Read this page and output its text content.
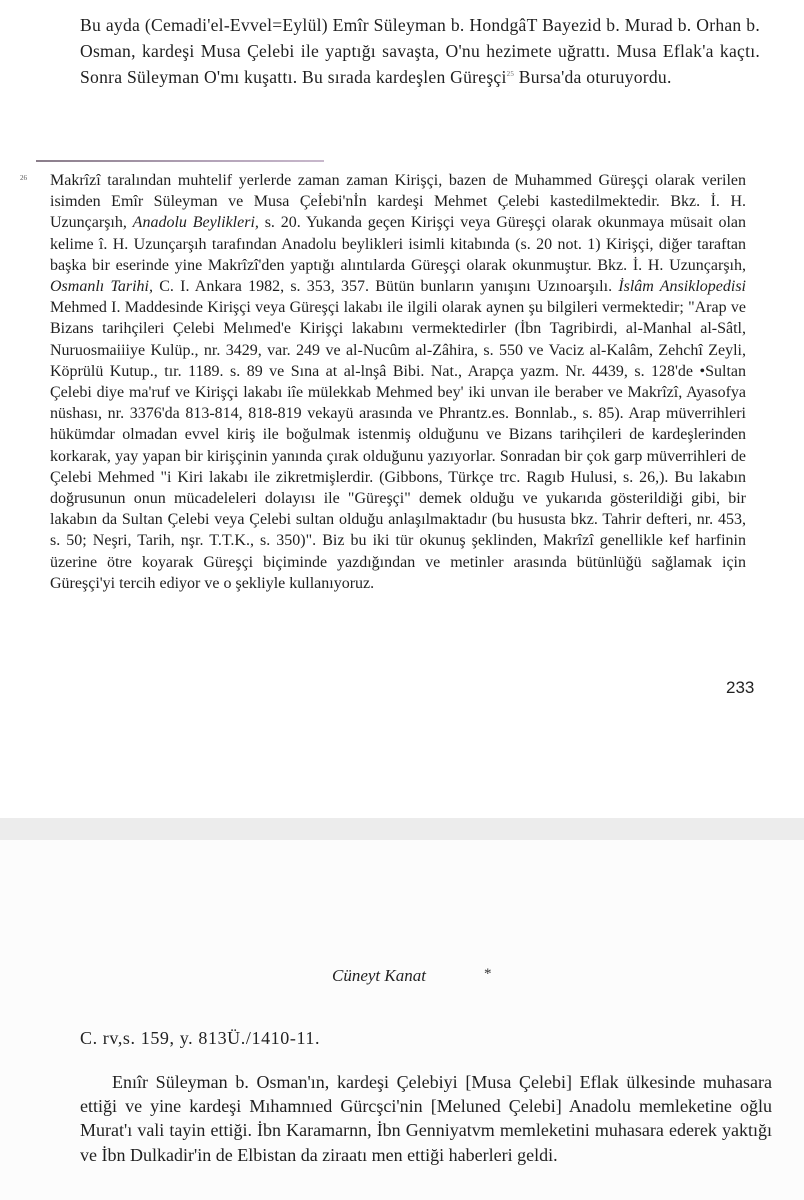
Bu ayda (Cemadi'el-Evvel=Eylül) Emîr Süleyman b. HondgâT Bayezid b. Murad b. Orhan b. Osman, kardeşi Musa Çelebi ile yaptığı savaşta, O'nu hezimete uğrattı. Musa Eflak'a kaçtı. Sonra Süleyman O'mı kuşattı. Bu sırada kardeşlen Güreşçi$^{25}$ Bursa'da oturuyordu.

26 Makrîzî taralından muhtelif yerlerde zaman zaman Kirişçi, bazen de Muhammed Güreşçi olarak verilen isimden Emîr Süleyman ve Musa Çeİebi'nİn kardeşi Mehmet Çelebi kastedilmektedir. Bkz. İ. H. Uzunçarşıh, Anadolu Beylikleri, s. 20. Yukanda geçen Kirişçi veya Güreşçi olarak okunmaya müsait olan kelime î. H. Uzunçarşıh tarafından Anadolu beylikleri isimli kitabında (s. 20 not. 1) Kirişçi, diğer taraftan başka bir eserinde yine Makrîzî'den yaptığı alıntılarda Güreşçi olarak okunmuştur. Bkz. İ. H. Uzunçarşıh, Osmanlı Tarihi, C. I. Ankara 1982, s. 353, 357. Bütün bunların yanışını Uzınoarşılı. İslâm Ansiklopedisi Mehmed I. Maddesinde Kirişçi veya Güreşçi lakabı ile ilgili olarak aynen şu bilgileri vermektedir; "Arap ve Bizans tarihçileri Çelebi Melımed'e Kirişçi lakabını vermektedirler (İbn Tagribirdi, al-Manhal al-Sâtl, Nuruosmaiiiye Kulüp., nr. 3429, var. 249 ve al-Nucûm al-Zâhira, s. 550 ve Vaciz al-Kalâm, Zehchî Zeyli, Köprülü Kutup., tır. 1189. s. 89 ve Sına at al-lnşâ Bibi. Nat., Arapça yazm. Nr. 4439, s. 128'de •Sultan Çelebi diye ma'ruf ve Kirişçi lakabı iîe mülekkab Mehmed bey' iki unvan ile beraber ve Makrîzî, Ayasofya nüshası, nr. 3376'da 813-814, 818-819 vekayü arasında ve Phrantz.es. Bonnlab., s. 85). Arap müverrihleri hükümdar olmadan evvel kiriş ile boğulmak istenmiş olduğunu ve Bizans tarihçileri de kardeşlerinden korkarak, yay yapan bir kirişçinin yanında çırak olduğunu yazıyorlar. Sonradan bir çok garp müverrihleri de Çelebi Mehmed "i Kiri lakabı ile zikretmişlerdir. (Gibbons, Türkçe trc. Ragıb Hulusi, s. 26,). Bu lakabın doğrusunun onun mücadeleleri dolayısı ile "Güreşçi" demek olduğu ve yukarıda gösterildiği gibi, bir lakabın da Sultan Çelebi veya Çelebi sultan olduğu anlaşılmaktadır (bu hususta bkz. Tahrir defteri, nr. 453, s. 50; Neşri, Tarih, nşr. T.T.K., s. 350)". Biz bu iki tür okunuş şeklinden, Makrîzî genellikle kef harfinin üzerine ötre koyarak Güreşçi biçiminde yazdığından ve metinler arasında bütünlüğü sağlamak için Güreşçi'yi tercih ediyor ve o şekliyle kullanıyoruz.

233
Cüneyt Kanat	*
C. rv,s. 159, y. 813Ü./1410-11.

Enıîr Süleyman b. Osman'ın, kardeşi Çelebiyi [Musa Çelebi] Eflak ülkesinde muhasara ettiği ve yine kardeşi Mıhamnıed Gürcşci'nin [Meluned Çelebi] Anadolu memleketine oğlu Murat'ı vali tayin ettiği. İbn Karamarnn, İbn Genniyatvm memleketini muhasara ederek yaktığı ve İbn Dulkadir'in de Elbistan da ziraatı men ettiği haberleri geldi.
